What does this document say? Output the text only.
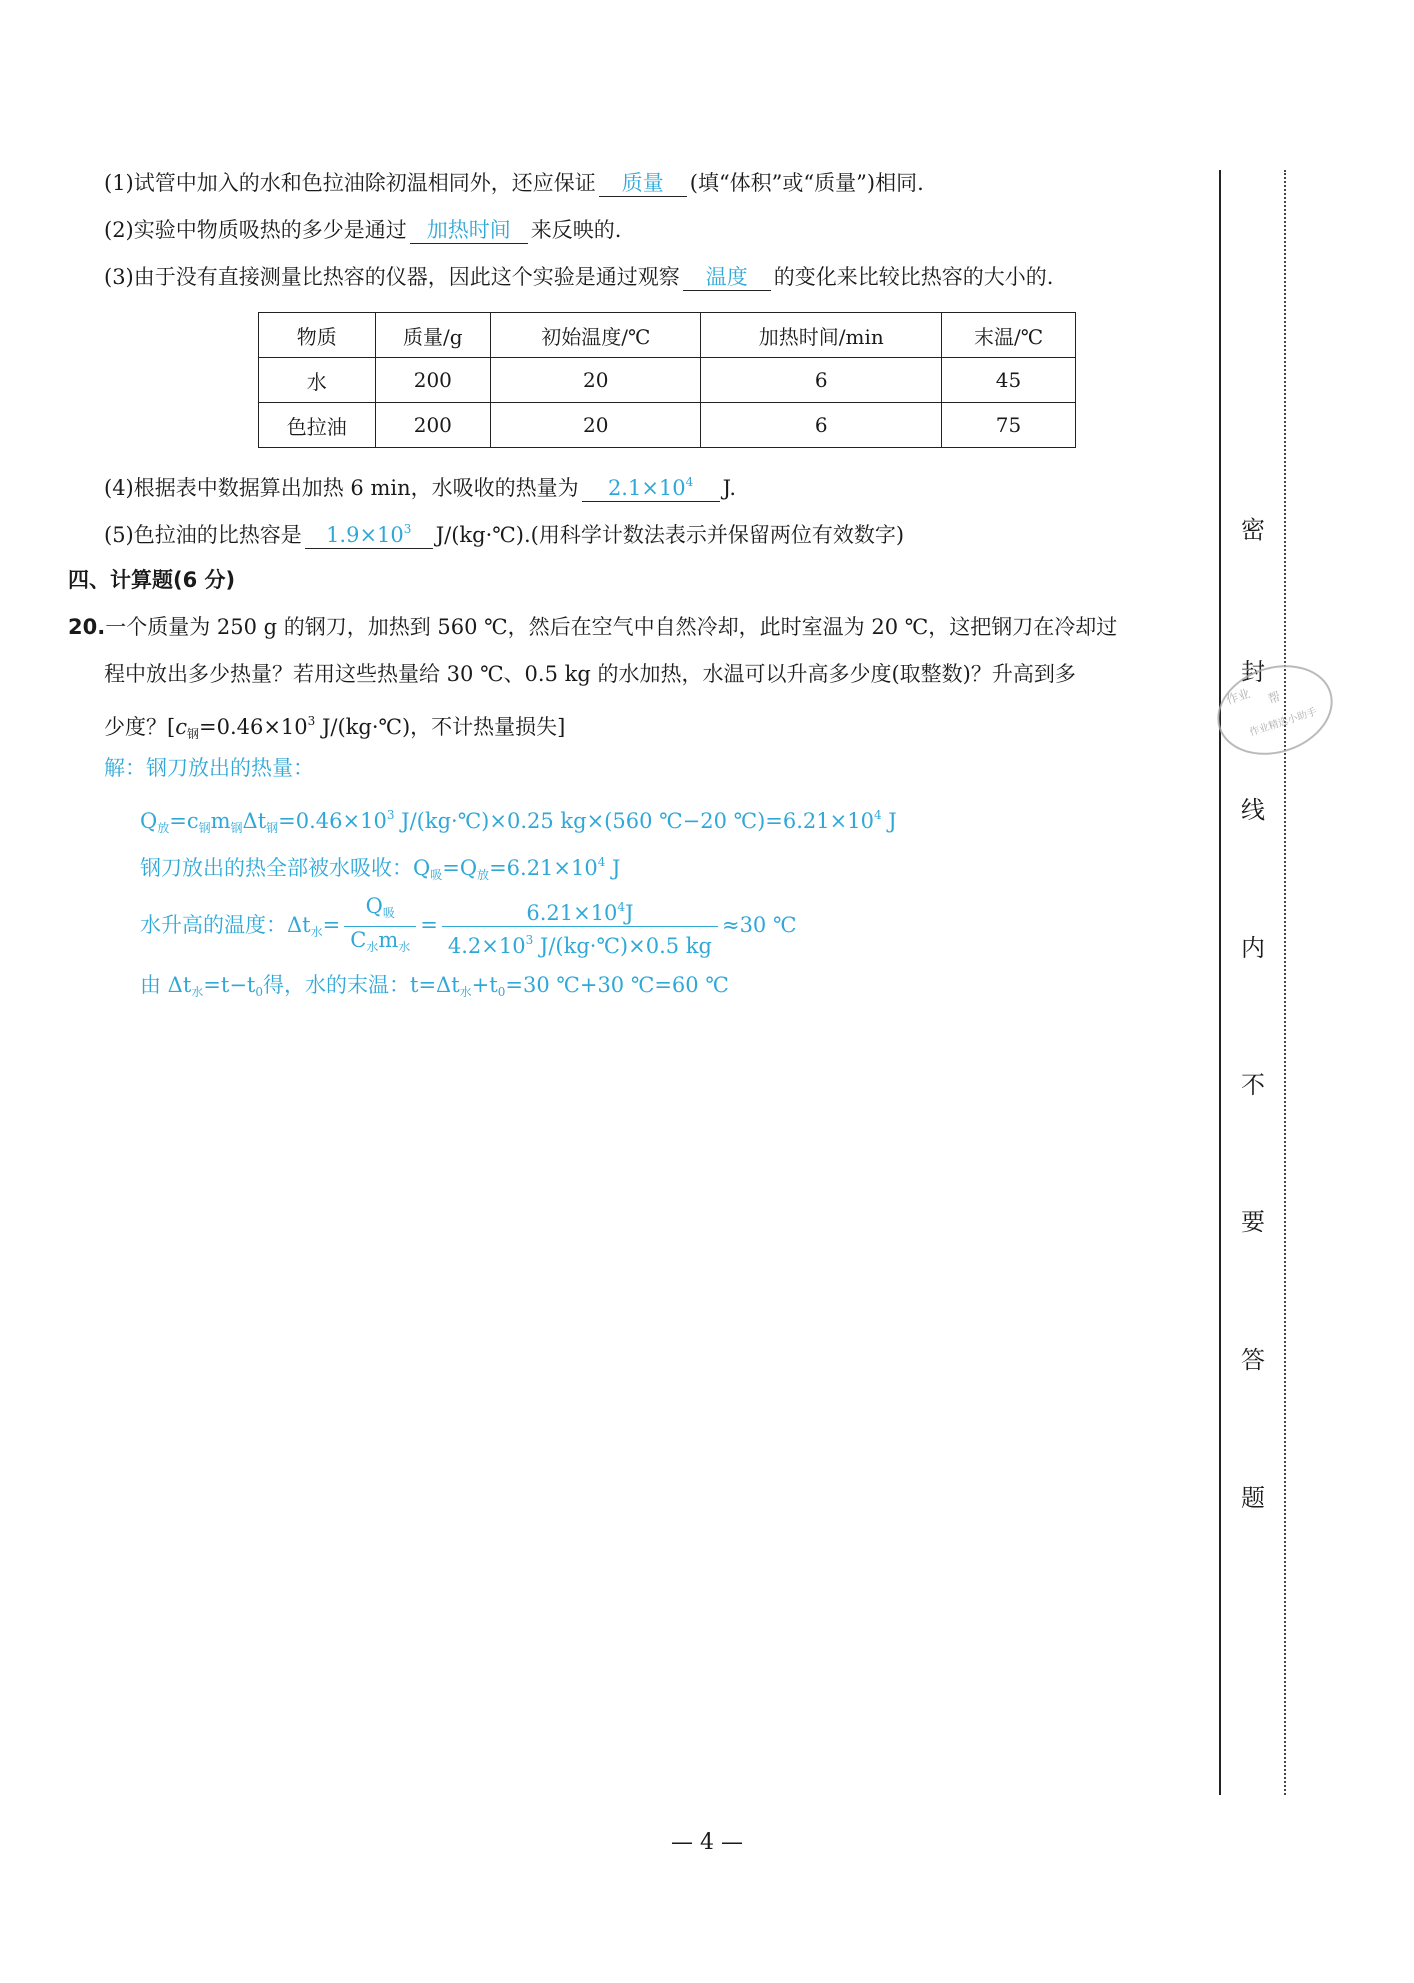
(1)试管中加入的水和色拉油除初温相同外，还应保证 质量 (填“体积”或“质量”)相同.
(2)实验中物质吸热的多少是通过 加热时间 来反映的.
(3)由于没有直接测量比热容的仪器，因此这个实验是通过观察 温度 的变化来比较比热容的大小的.
物质	质量/g	初始温度/℃	加热时间/min	末温/℃
水	200	20	6	45
色拉油	200	20	6	75
(4)根据表中数据算出加热 6 min，水吸收的热量为 $2.1\times 10^4$ J.
(5)色拉油的比热容是 $1.9\times 10^3$ J/(kg·℃).(用科学计数法表示并保留两位有效数字)
四、计算题(6 分)
20.一个质量为 250 g 的钢刀，加热到 560 ℃，然后在空气中自然冷却，此时室温为 20 ℃，这把钢刀在冷却过
程中放出多少热量？若用这些热量给 30 ℃、0.5 kg 的水加热，水温可以升高多少度(取整数)？升高到多
少度？[$c_钢=0.46\times 10^3$ J/(kg·℃)，不计热量损失]
解：钢刀放出的热量：
$Q_放=c_钢m_钢\Delta t_钢=0.46\times 10^3$ J/(kg·℃)×0.25 kg×(560 ℃−20 $℃)=6.21\times 10^4$ J
钢刀放出的热全部被水吸收：$Q_吸=Q_放=6.21\times 10^4$ J
水升高的温度：$\Delta t_水= \frac{Q_吸}{C_水m_水} = \frac{6.21\times 10^4J}{4.2\times 10^3 J/(kg\cdot℃)\times 0.5 kg} \approx 30$ ℃
由 $\Delta t_水=t-t_0$得，水的末温：$t=\Delta t_水+t_0=30$ ℃+30 ℃=60 ℃
密
封
线
内
不
要
答
题
作业 帮
作业精选小助手
— 4 —
